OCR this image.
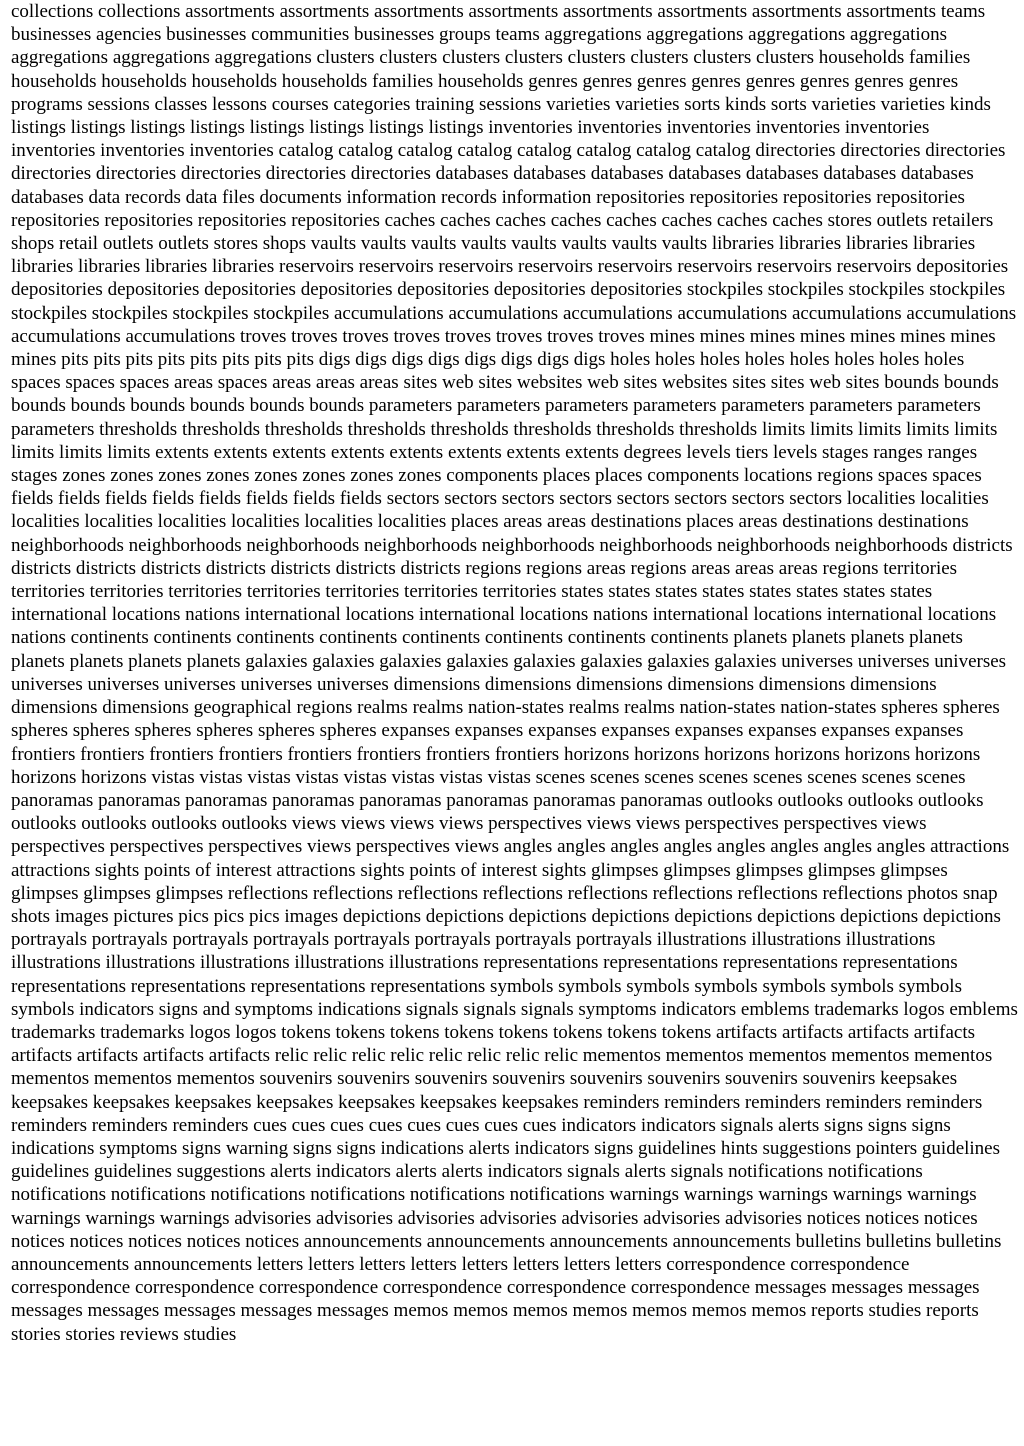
collections collections assortments assortments assortments assortments assortments assortments assortments assortments teams businesses agencies businesses communities businesses groups teams aggregations aggregations aggregations aggregations aggregations aggregations aggregations clusters clusters clusters clusters clusters clusters clusters clusters households families households households households households families households genres genres genres genres genres genres genres genres programs sessions classes lessons courses categories training sessions varieties varieties sorts kinds sorts varieties varieties kinds listings listings listings listings listings listings listings listings inventories inventories inventories inventories inventories inventories inventories inventories catalog catalog catalog catalog catalog catalog catalog catalog directories directories directories directories directories directories directories directories databases databases databases databases databases databases databases databases data records data files documents information records information repositories repositories repositories repositories repositories repositories repositories repositories caches caches caches caches caches caches caches caches stores outlets retailers shops retail outlets outlets stores shops vaults vaults vaults vaults vaults vaults vaults vaults libraries libraries libraries libraries libraries libraries libraries libraries reservoirs reservoirs reservoirs reservoirs reservoirs reservoirs reservoirs reservoirs depositories depositories depositories depositories depositories depositories depositories depositories stockpiles stockpiles stockpiles stockpiles stockpiles stockpiles stockpiles stockpiles accumulations accumulations accumulations accumulations accumulations accumulations accumulations accumulations troves troves troves troves troves troves troves troves mines mines mines mines mines mines mines mines pits pits pits pits pits pits pits pits digs digs digs digs digs digs digs digs holes holes holes holes holes holes holes holes spaces spaces spaces areas spaces areas areas areas sites web sites websites web sites websites sites sites web sites bounds bounds bounds bounds bounds bounds bounds bounds parameters parameters parameters parameters parameters parameters parameters parameters thresholds thresholds thresholds thresholds thresholds thresholds thresholds thresholds limits limits limits limits limits limits limits limits extents extents extents extents extents extents extents extents degrees levels tiers levels stages ranges ranges stages zones zones zones zones zones zones zones zones components places places components locations regions spaces spaces fields fields fields fields fields fields fields fields sectors sectors sectors sectors sectors sectors sectors sectors localities localities localities localities localities localities localities localities places areas areas destinations places areas destinations destinations neighborhoods neighborhoods neighborhoods neighborhoods neighborhoods neighborhoods neighborhoods neighborhoods districts districts districts districts districts districts districts districts regions regions areas regions areas areas areas regions territories territories territories territories territories territories territories territories states states states states states states states states international locations nations international locations international locations nations international locations international locations nations continents continents continents continents continents continents continents continents planets planets planets planets planets planets planets planets galaxies galaxies galaxies galaxies galaxies galaxies galaxies galaxies universes universes universes universes universes universes universes universes dimensions dimensions dimensions dimensions dimensions dimensions dimensions dimensions geographical regions realms realms nation-states realms realms nation-states nation-states spheres spheres spheres spheres spheres spheres spheres spheres expanses expanses expanses expanses expanses expanses expanses expanses frontiers frontiers frontiers frontiers frontiers frontiers frontiers frontiers horizons horizons horizons horizons horizons horizons horizons horizons vistas vistas vistas vistas vistas vistas vistas vistas scenes scenes scenes scenes scenes scenes scenes scenes panoramas panoramas panoramas panoramas panoramas panoramas panoramas panoramas outlooks outlooks outlooks outlooks outlooks outlooks outlooks outlooks views views views views perspectives views views perspectives perspectives views perspectives perspectives perspectives views perspectives views angles angles angles angles angles angles angles angles attractions attractions sights points of interest attractions sights points of interest sights glimpses glimpses glimpses glimpses glimpses glimpses glimpses glimpses reflections reflections reflections reflections reflections reflections reflections reflections photos snap shots images pictures pics pics pics images depictions depictions depictions depictions depictions depictions depictions depictions portrayals portrayals portrayals portrayals portrayals portrayals portrayals portrayals illustrations illustrations illustrations illustrations illustrations illustrations illustrations illustrations representations representations representations representations representations representations representations representations symbols symbols symbols symbols symbols symbols symbols symbols indicators signs and symptoms indications signals signals signals symptoms indicators emblems trademarks logos emblems trademarks trademarks logos logos tokens tokens tokens tokens tokens tokens tokens tokens artifacts artifacts artifacts artifacts artifacts artifacts artifacts artifacts relic relic relic relic relic relic relic relic mementos mementos mementos mementos mementos mementos mementos mementos souvenirs souvenirs souvenirs souvenirs souvenirs souvenirs souvenirs souvenirs keepsakes keepsakes keepsakes keepsakes keepsakes keepsakes keepsakes keepsakes reminders reminders reminders reminders reminders reminders reminders reminders cues cues cues cues cues cues cues cues indicators indicators signals alerts signs signs signs indications symptoms signs warning signs signs indications alerts indicators signs guidelines hints suggestions pointers guidelines guidelines guidelines suggestions alerts indicators alerts alerts indicators signals alerts signals notifications notifications notifications notifications notifications notifications notifications notifications warnings warnings warnings warnings warnings warnings warnings warnings advisories advisories advisories advisories advisories advisories advisories notices notices notices notices notices notices notices notices announcements announcements announcements announcements bulletins bulletins bulletins announcements announcements letters letters letters letters letters letters letters letters correspondence correspondence correspondence correspondence correspondence correspondence correspondence correspondence messages messages messages messages messages messages messages messages memos memos memos memos memos memos memos reports studies reports stories stories reviews studies
